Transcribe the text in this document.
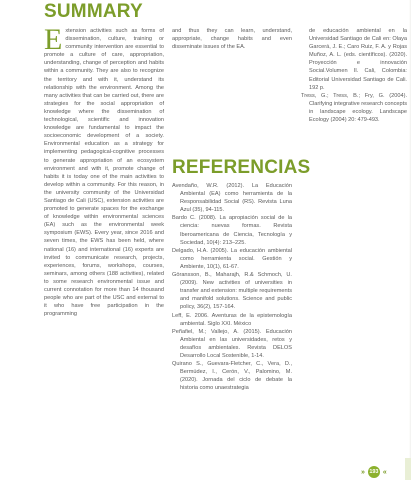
SUMMARY
E xtension activities such as forms of dissemination, culture, training or community intervention are essential to promote a culture of care, appropriation, understanding, change of perception and habits within a community. They are also to recognize the territory and with it, understand its relationship with the environment. Among the many activities that can be carried out, there are strategies for the social appropriation of knowledge where the dissemination of technological, scientific and innovation knowledge are fundamental to impact the socioeconomic development of a society. Environmental education as a strategy for implementing pedagogical-cognitive processes to generate appropriation of an ecosystem environment and with it, promote change of habits it is today one of the main activities to develop within a community. For this reason, in the university community of the Universidad Santiago de Cali (USC), extension activities are promoted to generate spaces for the exchange of knowledge within environmental sciences (EA) such as the environmental week symposium (EWS). Every year, since 2016 and seven times, the EWS has been held, where national (16) and international (16) experts are invited to communicate research, projects, experiences, forums, workshops, courses, seminars, among others (188 activities), related to some research environmental issue and current connotation for more than 14 thousand people who are part of the USC and external to it who have free participation in the programming

and thus they can learn, understand, appropriate, change habits and even disseminate issues of the EA.

REFERENCIAS

Avendaño, W.R. (2012). La Educación Ambiental (EA) como herramienta de la Responsabilidad Social (RS). Revista Luna Azul (35), 94-115.

Bardo C. (2008). La apropiación social de la ciencia: nuevas formas. Revista Iberoamericana de Ciencia, Tecnología y Sociedad, 10(4): 213–225.

Delgado, H.A. (2005). La educación ambiental como herramienta social. Gestión y Ambiente, 10(1), 61-67.

Göransson, B., Maharajh, R.& Schmoch, U. (2009). New activities of universities in transfer and extension: multiple requirements and manifold solutions. Science and public policy, 36(2), 157-164.

Leff, E. 2006. Aventuras de la epistemología ambiental. Siglo XXI. México

Peñafiel, M.; Vallejo, A. (2015). Educación Ambiental en las universidades, retos y desafíos ambientales. Revista DELOS Desarrollo Local Sostenible, 1-14.

Quirano S., Guevara-Fletcher, C., Vera, D., Bermúdez, I., Cerón, V., Palomino, M. (2020). Jornada del ciclo de debate la historia como unaestrategia

de educación ambiental en la Universidad Santiago de Cali en: Olaya Garcerá, J. E.; Caro Ruiz, F. A. y Rojas Muñoz, A. L. (eds. científicos). (2020). Proyección e innovación Social.Volumen II. Cali, Colombia: Editorial Universidad Santiago de Cali. 192 p.

Tress, G.; Tress, B.; Fry, G. (2004). Clarifying integrative research concepts in landscape ecology. Landscape Ecology (2004) 20: 479-493.

» 193 «
